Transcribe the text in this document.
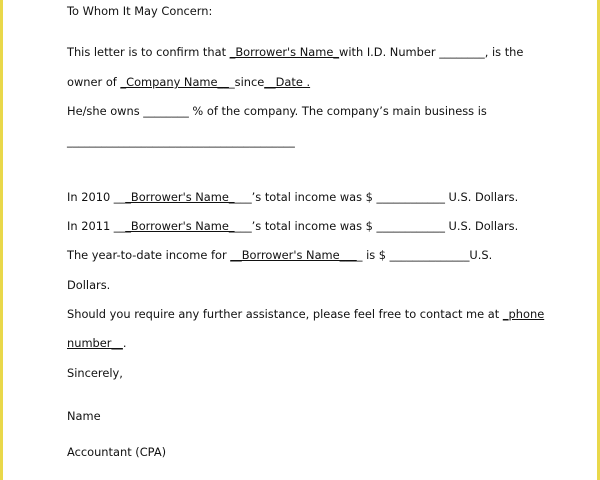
To Whom It May Concern:
This letter is to confirm that _Borrower's Name_with I.D. Number ________, is the
owner of _Company Name___since__Date .
He/she owns ________ % of the company. The company’s main business is
________________________________________
In 2010 ___Borrower's Name____’s total income was $ ____________ U.S. Dollars.
In 2011 ___Borrower's Name____’s total income was $ ____________ U.S. Dollars.
The year-to-date income for __Borrower's Name____ is $ ______________U.S.
Dollars.
Should you require any further assistance, please feel free to contact me at _phone
number__.
Sincerely,
Name
Accountant (CPA)
